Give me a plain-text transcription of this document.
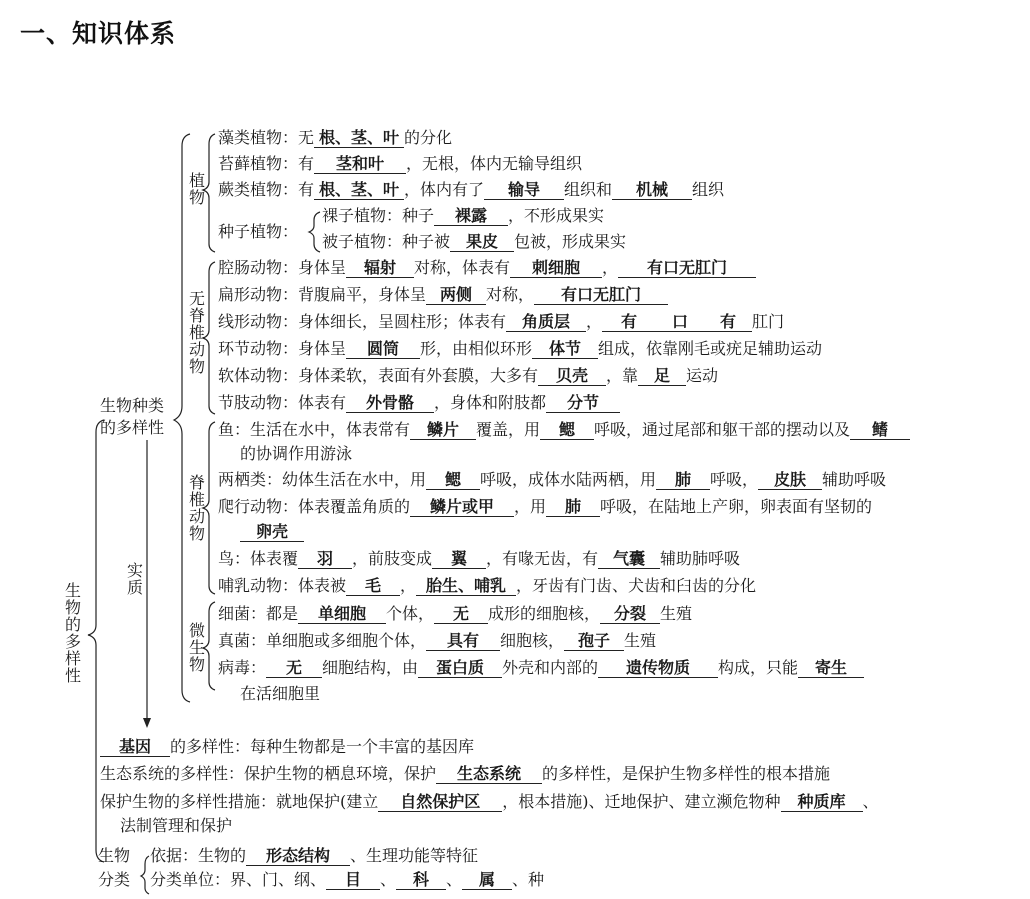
一、知识体系
生物的多样性
生物种类
的多样性
实质
植物
无脊椎动物
脊椎动物
微生物
生物
分类
藻类植物：无 根、茎、叶 的分化
苔藓植物：有 茎和叶 ，无根，体内无输导组织
蕨类植物：有 根、茎、叶 ，体内有了 输导 组织和 机械 组织
种子植物：
裸子植物：种子 裸露 ，不形成果实
被子植物：种子被 果皮 包被，形成果实
腔肠动物：身体呈 辐射 对称，体表有 刺细胞 ， 有口无肛门
扁形动物：背腹扁平，身体呈 两侧 对称， 有口无肛门
线形动物：身体细长，呈圆柱形；体表有 角质层 ， 有 口 有 肛门
环节动物：身体呈 圆筒 形，由相似环形 体节 组成，依靠刚毛或疣足辅助运动
软体动物：身体柔软，表面有外套膜，大多有 贝壳 ，靠 足 运动
节肢动物：体表有 外骨骼 ，身体和附肢都 分节
鱼：生活在水中，体表常有 鳞片 覆盖，用 鳃 呼吸，通过尾部和躯干部的摆动以及 鳍
的协调作用游泳
两栖类：幼体生活在水中，用 鳃 呼吸，成体水陆两栖，用 肺 呼吸， 皮肤 辅助呼吸
爬行动物：体表覆盖角质的 鳞片或甲 ，用 肺 呼吸，在陆地上产卵，卵表面有坚韧的
卵壳
鸟：体表覆 羽 ，前肢变成 翼 ，有喙无齿，有 气囊 辅助肺呼吸
哺乳动物：体表被 毛 ， 胎生、哺乳 ，牙齿有门齿、犬齿和臼齿的分化
细菌：都是 单细胞 个体， 无 成形的细胞核， 分裂 生殖
真菌：单细胞或多细胞个体， 具有 细胞核， 孢子 生殖
病毒： 无 细胞结构，由 蛋白质 外壳和内部的 遗传物质 构成，只能 寄生
在活细胞里
基因 的多样性：每种生物都是一个丰富的基因库
生态系统的多样性：保护生物的栖息环境，保护 生态系统 的多样性，是保护生物多样性的根本措施
保护生物的多样性措施：就地保护(建立 自然保护区 ，根本措施)、迁地保护、建立濒危物种 种质库 、
法制管理和保护
依据：生物的 形态结构 、生理功能等特征
分类单位：界、门、纲、 目 、 科 、 属 、种
